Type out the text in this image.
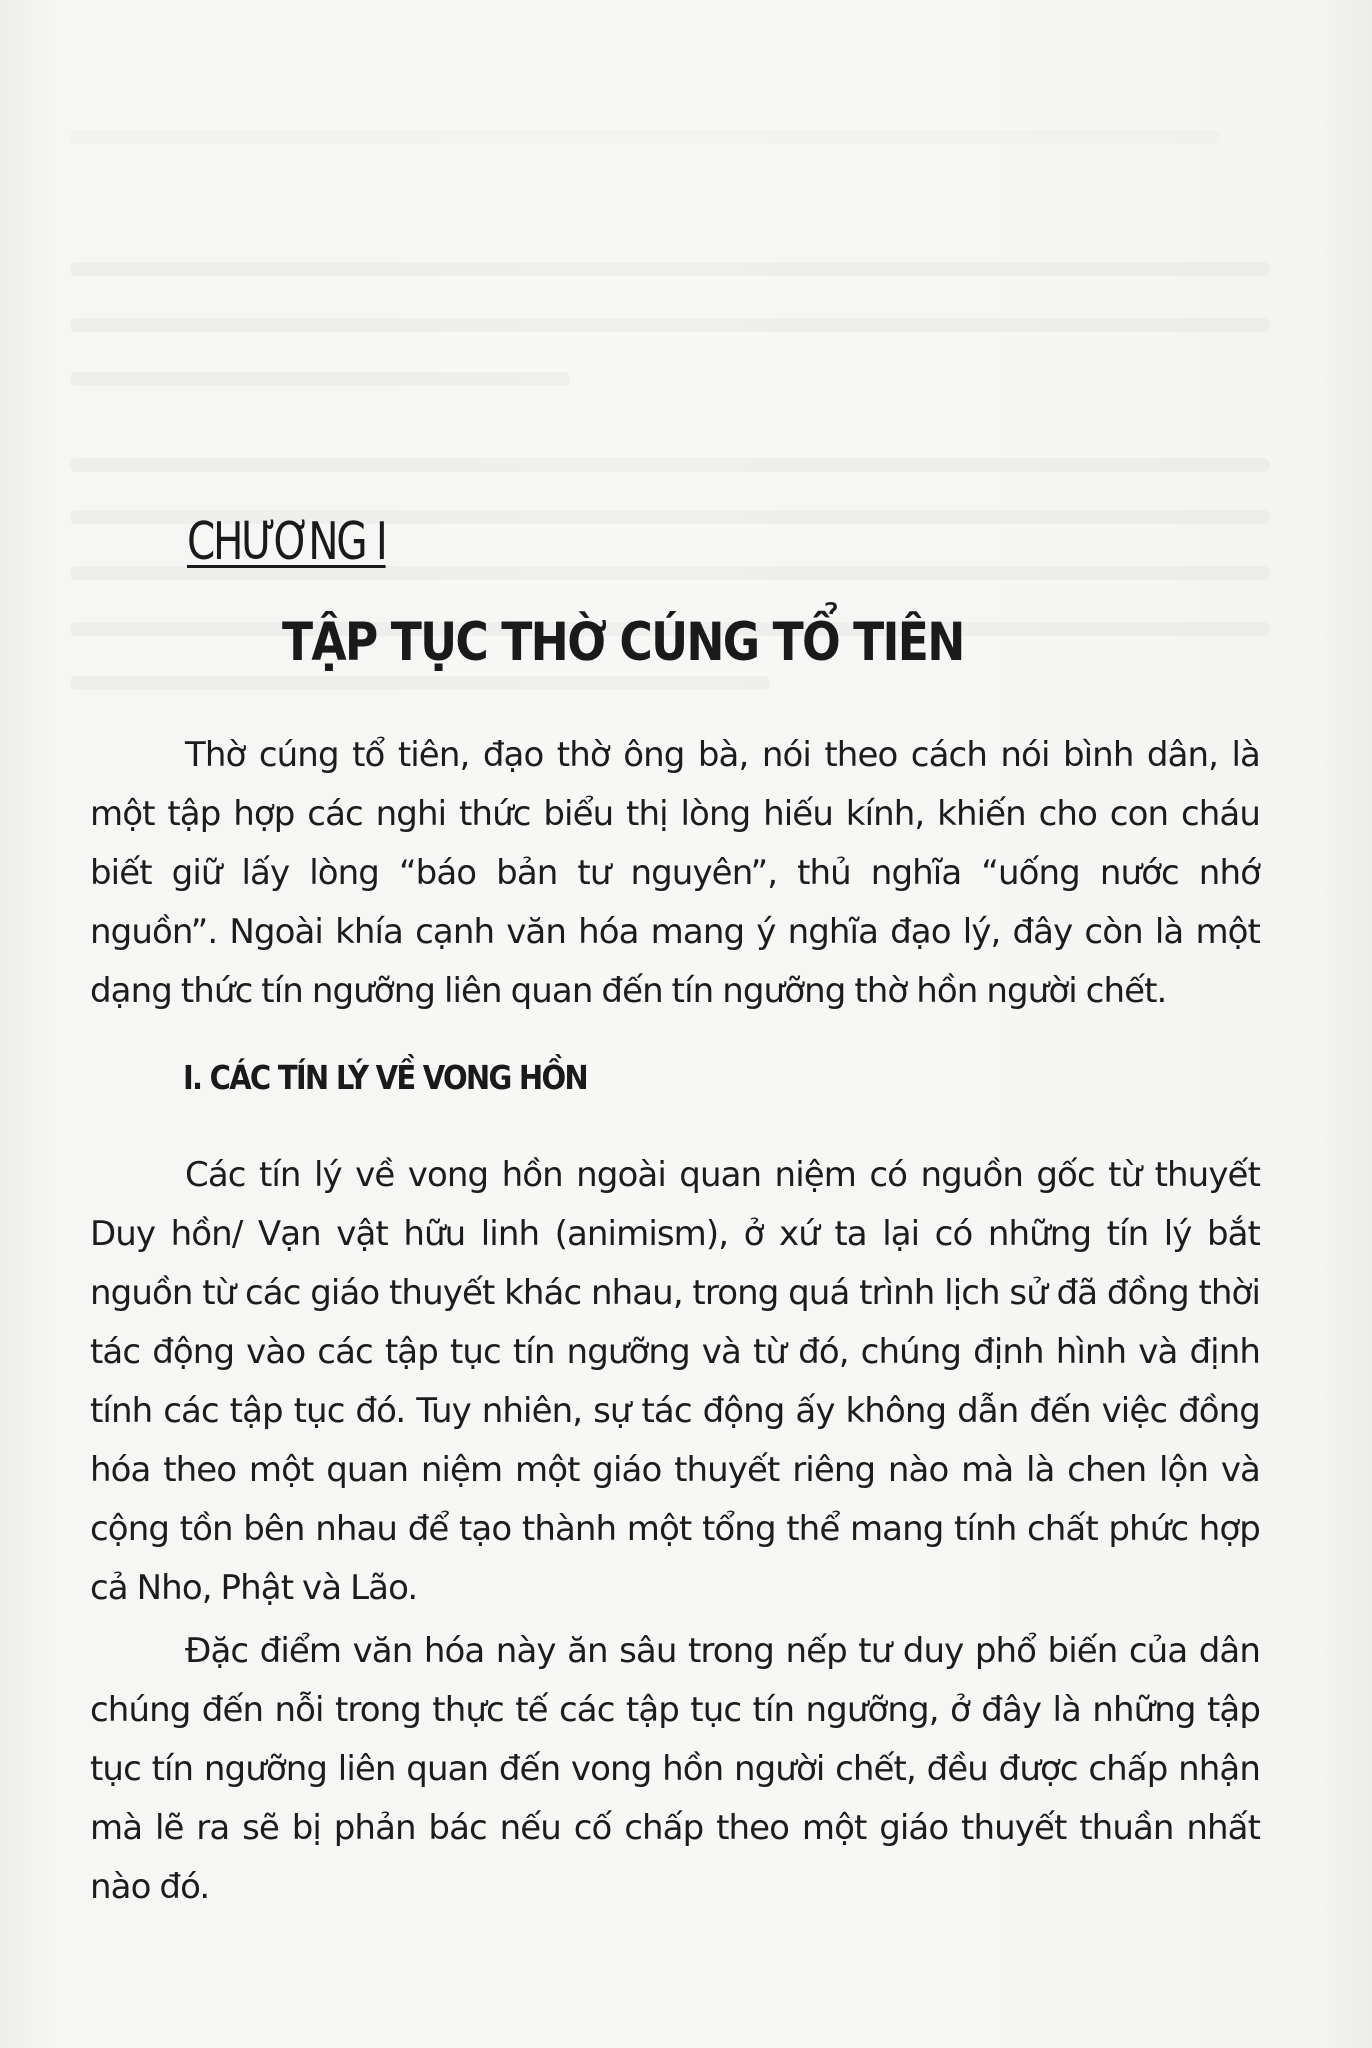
CHƯƠNG I
TẬP TỤC THỜ CÚNG TỔ TIÊN

Thờ cúng tổ tiên, đạo thờ ông bà, nói theo cách nói bình dân, là một tập hợp các nghi thức biểu thị lòng hiếu kính, khiến cho con cháu biết giữ lấy lòng “báo bản tư nguyên”, thủ nghĩa “uống nước nhớ nguồn”. Ngoài khía cạnh văn hóa mang ý nghĩa đạo lý, đây còn là một dạng thức tín ngưỡng liên quan đến tín ngưỡng thờ hồn người chết.

I. CÁC TÍN LÝ VỀ VONG HỒN

Các tín lý về vong hồn ngoài quan niệm có nguồn gốc từ thuyết Duy hồn/ Vạn vật hữu linh (animism), ở xứ ta lại có những tín lý bắt nguồn từ các giáo thuyết khác nhau, trong quá trình lịch sử đã đồng thời tác động vào các tập tục tín ngưỡng và từ đó, chúng định hình và định tính các tập tục đó. Tuy nhiên, sự tác động ấy không dẫn đến việc đồng hóa theo một quan niệm một giáo thuyết riêng nào mà là chen lộn và cộng tồn bên nhau để tạo thành một tổng thể mang tính chất phức hợp cả Nho, Phật và Lão.

Đặc điểm văn hóa này ăn sâu trong nếp tư duy phổ biến của dân chúng đến nỗi trong thực tế các tập tục tín ngưỡng, ở đây là những tập tục tín ngưỡng liên quan đến vong hồn người chết, đều được chấp nhận mà lẽ ra sẽ bị phản bác nếu cố chấp theo một giáo thuyết thuần nhất nào đó.
